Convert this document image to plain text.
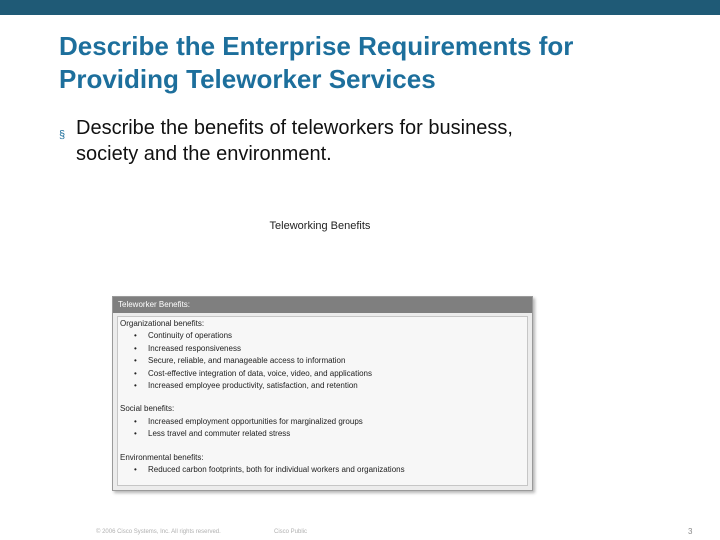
Describe the Enterprise Requirements for
Providing Teleworker Services
§ Describe the benefits of teleworkers for business,
society and the environment.
Teleworking Benefits
Teleworker Benefits:
Organizational benefits:
•	Continuity of operations
•	Increased responsiveness
•	Secure, reliable, and manageable access to information
•	Cost-effective integration of data, voice, video, and applications
•	Increased employee productivity, satisfaction, and retention
Social benefits:
•	Increased employment opportunities for marginalized groups
•	Less travel and commuter related stress
Environmental benefits:
•	Reduced carbon footprints, both for individual workers and organizations
© 2006 Cisco Systems, Inc. All rights reserved.	Cisco Public	3
